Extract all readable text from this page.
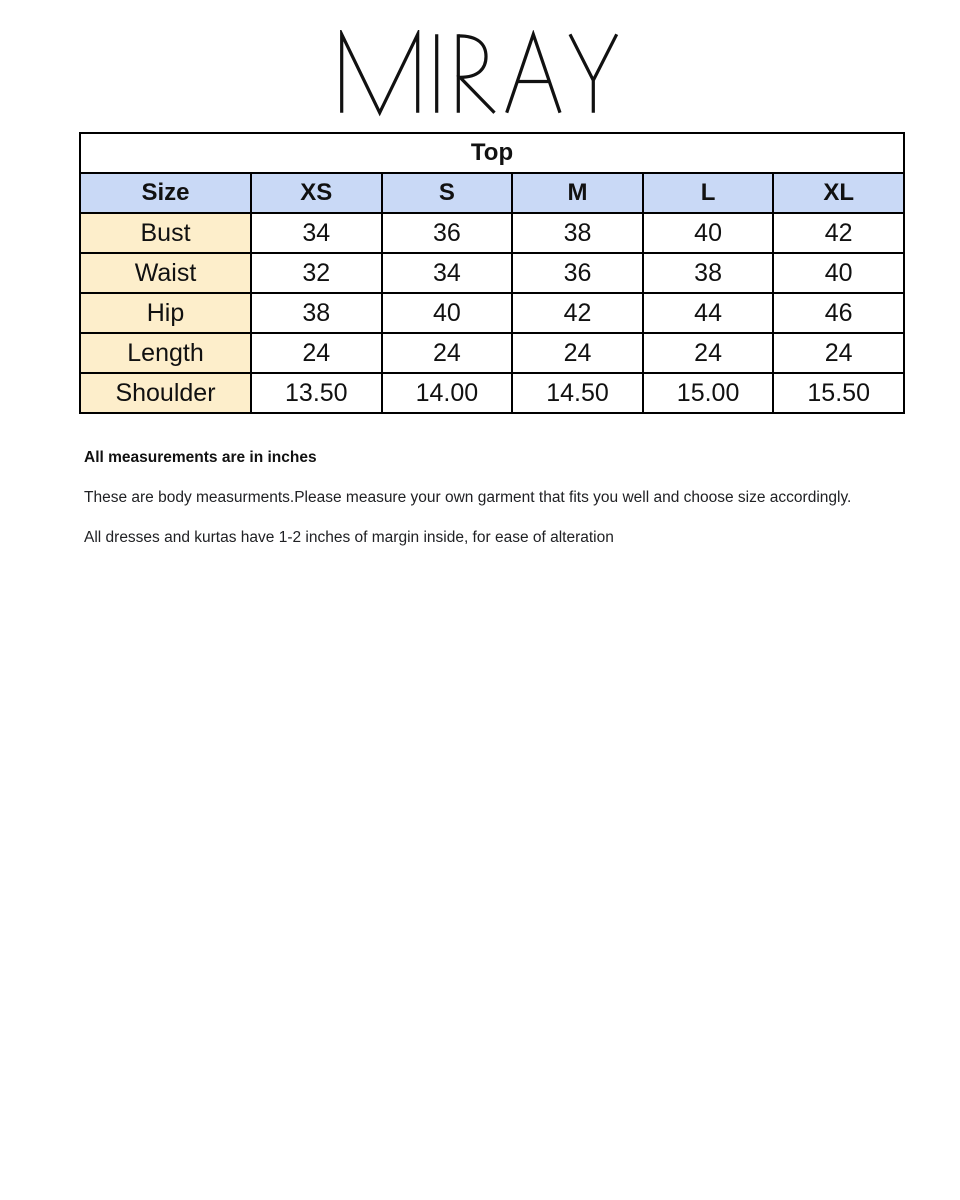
Top					
Size	XS	S	M	L	XL
Bust	34	36	38	40	42
Waist	32	34	36	38	40
Hip	38	40	42	44	46
Length	24	24	24	24	24
Shoulder	13.50	14.00	14.50	15.00	15.50

All measurements are in inches

These are body measurments.Please measure your own garment that fits you well and choose size accordingly.

All dresses and kurtas have 1-2 inches of margin inside, for ease of alteration
